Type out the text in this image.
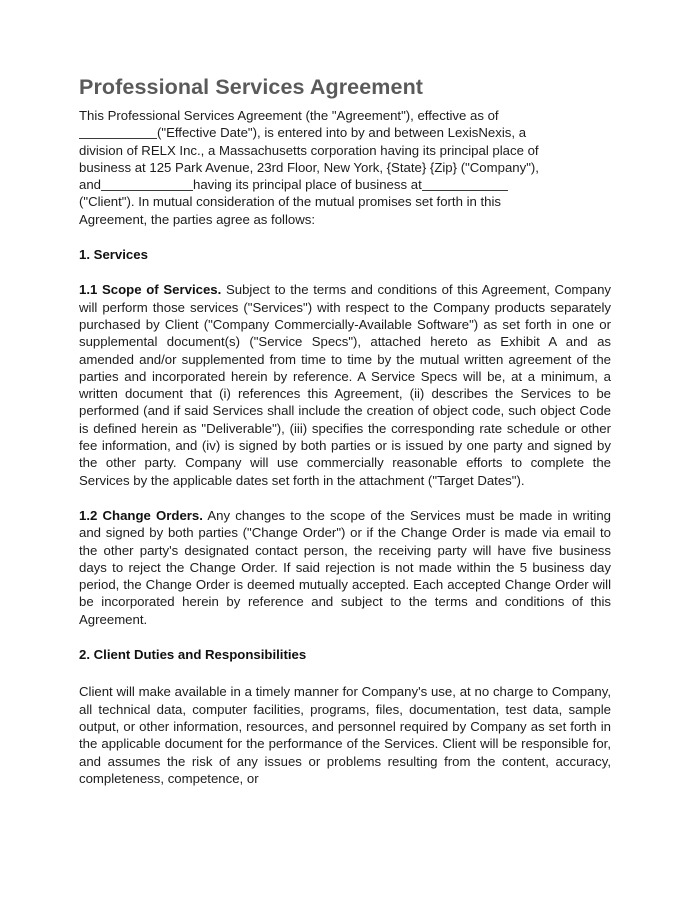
Professional Services Agreement
This Professional Services Agreement (the "Agreement"), effective as of
("Effective Date"), is entered into by and between LexisNexis, a
division of RELX Inc., a Massachusetts corporation having its principal place of
business at 125 Park Avenue, 23rd Floor, New York, {State} {Zip} ("Company"),
and	having its principal place of business at
("Client"). In mutual consideration of the mutual promises set forth in this
Agreement, the parties agree as follows:
1. Services

1.1 Scope of Services. Subject to the terms and conditions of this Agreement, Company will perform those services ("Services") with respect to the Company products separately purchased by Client ("Company Commercially-Available Software") as set forth in one or supplemental document(s) ("Service Specs"), attached hereto as Exhibit A and as amended and/or supplemented from time to time by the mutual written agreement of the parties and incorporated herein by reference. A Service Specs will be, at a minimum, a written document that (i) references this Agreement, (ii) describes the Services to be performed (and if said Services shall include the creation of object code, such object Code is defined herein as "Deliverable"), (iii) specifies the corresponding rate schedule or other fee information, and (iv) is signed by both parties or is issued by one party and signed by the other party. Company will use commercially reasonable efforts to complete the Services by the applicable dates set forth in the attachment ("Target Dates").

1.2 Change Orders. Any changes to the scope of the Services must be made in writing and signed by both parties ("Change Order") or if the Change Order is made via email to the other party's designated contact person, the receiving party will have five business days to reject the Change Order. If said rejection is not made within the 5 business day period, the Change Order is deemed mutually accepted. Each accepted Change Order will be incorporated herein by reference and subject to the terms and conditions of this Agreement.

2. Client Duties and Responsibilities

Client will make available in a timely manner for Company's use, at no charge to Company, all technical data, computer facilities, programs, files, documentation, test data, sample output, or other information, resources, and personnel required by Company as set forth in the applicable document for the performance of the Services. Client will be responsible for, and assumes the risk of any issues or problems resulting from the content, accuracy, completeness, competence, or
